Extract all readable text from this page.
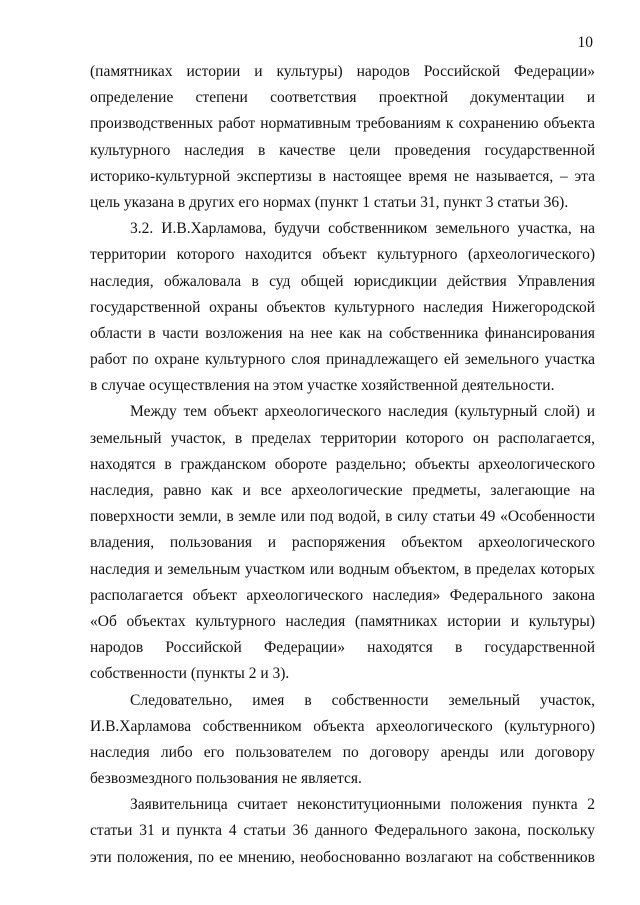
10
(памятниках истории и культуры) народов Российской Федерации»
определение степени соответствия проектной документации и
производственных работ нормативным требованиям к сохранению объекта
культурного наследия в качестве цели проведения государственной
историко-культурной экспертизы в настоящее время не называется, – эта
цель указана в других его нормах (пункт 1 статьи 31, пункт 3 статьи 36).
3.2. И.В.Харламова, будучи собственником земельного участка, на
территории которого находится объект культурного (археологического)
наследия, обжаловала в суд общей юрисдикции действия Управления
государственной охраны объектов культурного наследия Нижегородской
области в части возложения на нее как на собственника финансирования
работ по охране культурного слоя принадлежащего ей земельного участка
в случае осуществления на этом участке хозяйственной деятельности.
Между тем объект археологического наследия (культурный слой) и
земельный участок, в пределах территории которого он располагается,
находятся в гражданском обороте раздельно; объекты археологического
наследия, равно как и все археологические предметы, залегающие на
поверхности земли, в земле или под водой, в силу статьи 49 «Особенности
владения, пользования и распоряжения объектом археологического
наследия и земельным участком или водным объектом, в пределах которых
располагается объект археологического наследия» Федерального закона
«Об объектах культурного наследия (памятниках истории и культуры)
народов Российской Федерации» находятся в государственной
собственности (пункты 2 и 3).
Следовательно, имея в собственности земельный участок,
И.В.Харламова собственником объекта археологического (культурного)
наследия либо его пользователем по договору аренды или договору
безвозмездного пользования не является.
Заявительница считает неконституционными положения пункта 2
статьи 31 и пункта 4 статьи 36 данного Федерального закона, поскольку
эти положения, по ее мнению, необоснованно возлагают на собственников
